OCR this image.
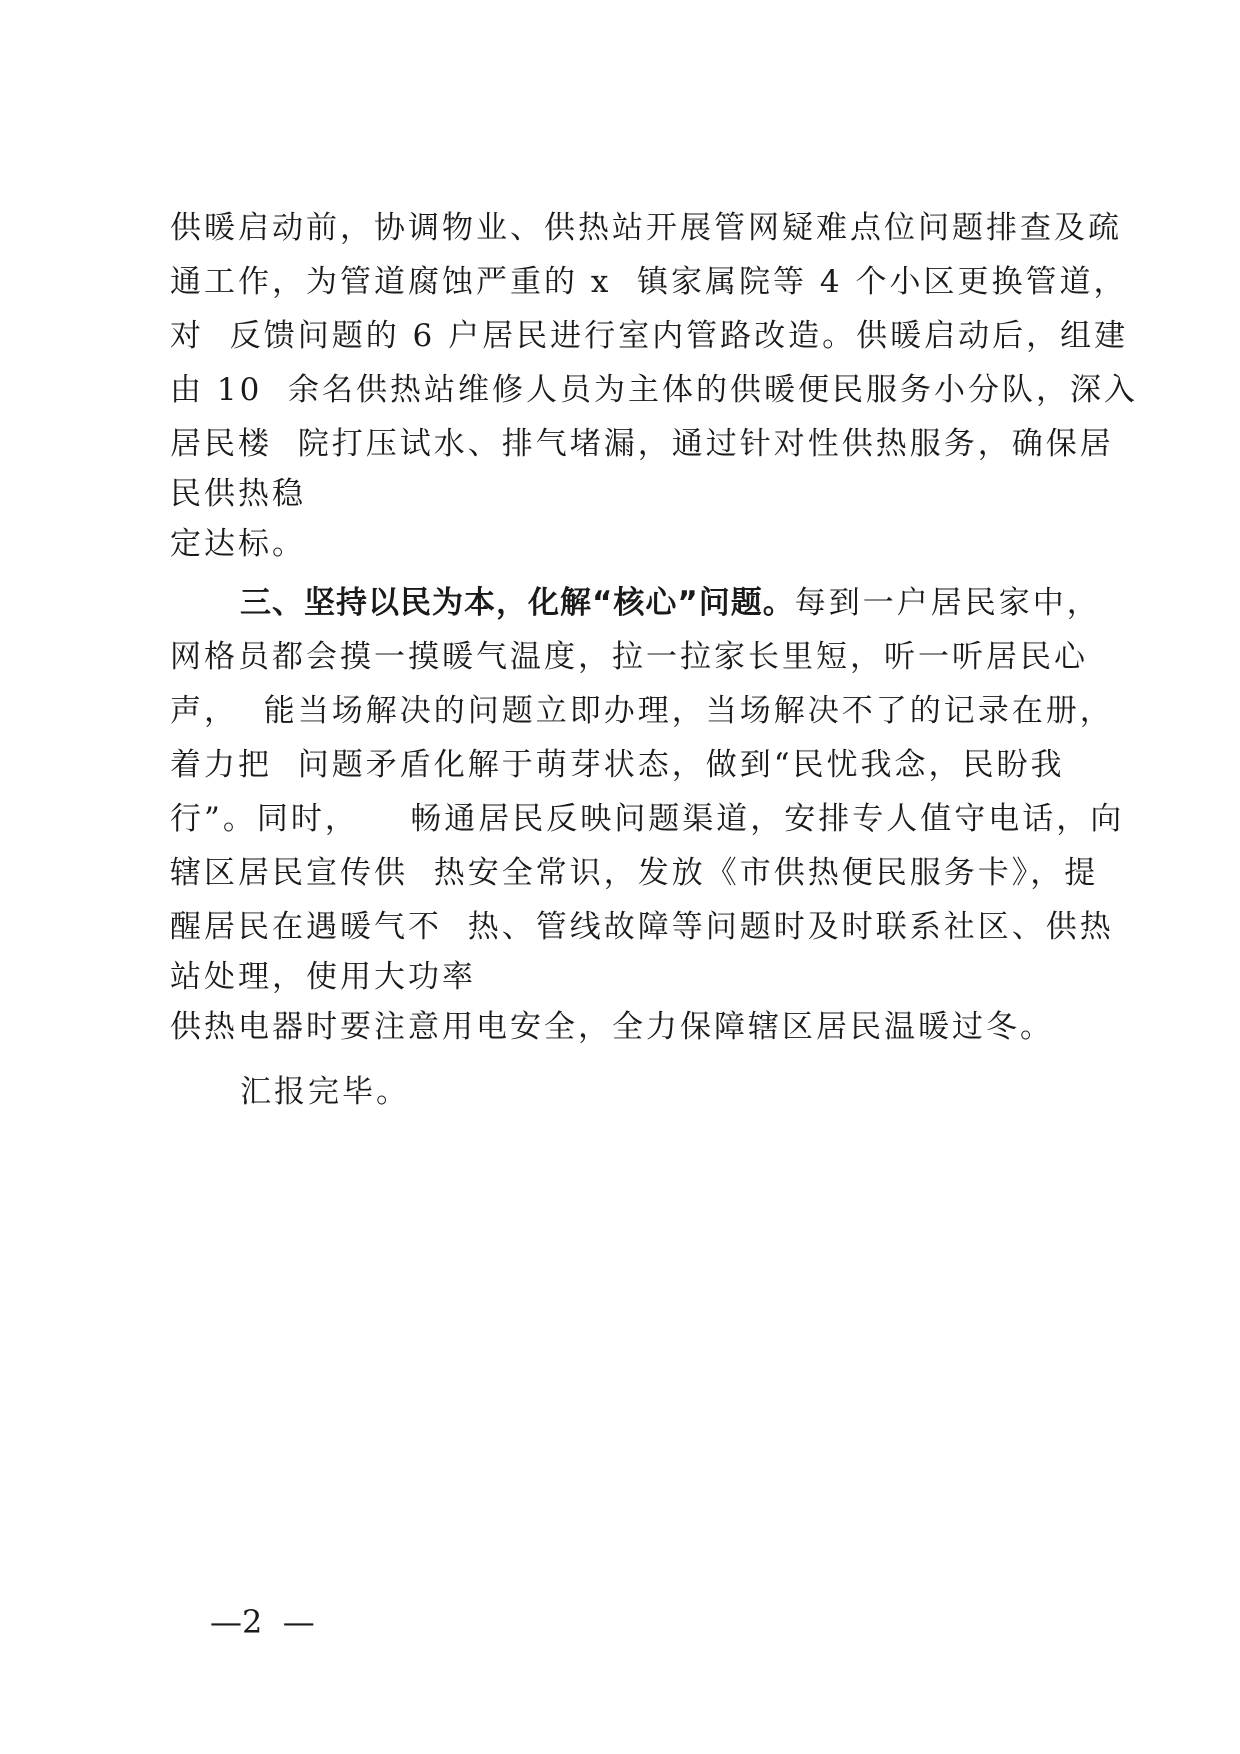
供暖启动前，协调物业、供热站开展管网疑难点位问题排查及疏
通工作，为管道腐蚀严重的 x  镇家属院等 4 个小区更换管道，
对  反馈问题的 6 户居民进行室内管路改造。供暖启动后，组建
由 10  余名供热站维修人员为主体的供暖便民服务小分队，深入
居民楼  院打压试水、排气堵漏，通过针对性供热服务，确保居
民供热稳
定达标。
三、坚持以民为本，化解“核心”问题。每到一户居民家中，
网格员都会摸一摸暖气温度，拉一拉家长里短，听一听居民心
声，  能当场解决的问题立即办理，当场解决不了的记录在册，
着力把  问题矛盾化解于萌芽状态，做到“民忧我念，民盼我
行”。同时，    畅通居民反映问题渠道，安排专人值守电话，向
辖区居民宣传供  热安全常识，发放《市供热便民服务卡》，提
醒居民在遇暖气不  热、管线故障等问题时及时联系社区、供热
站处理，使用大功率
供热电器时要注意用电安全，全力保障辖区居民温暖过冬。
汇报完毕。
—2  —
